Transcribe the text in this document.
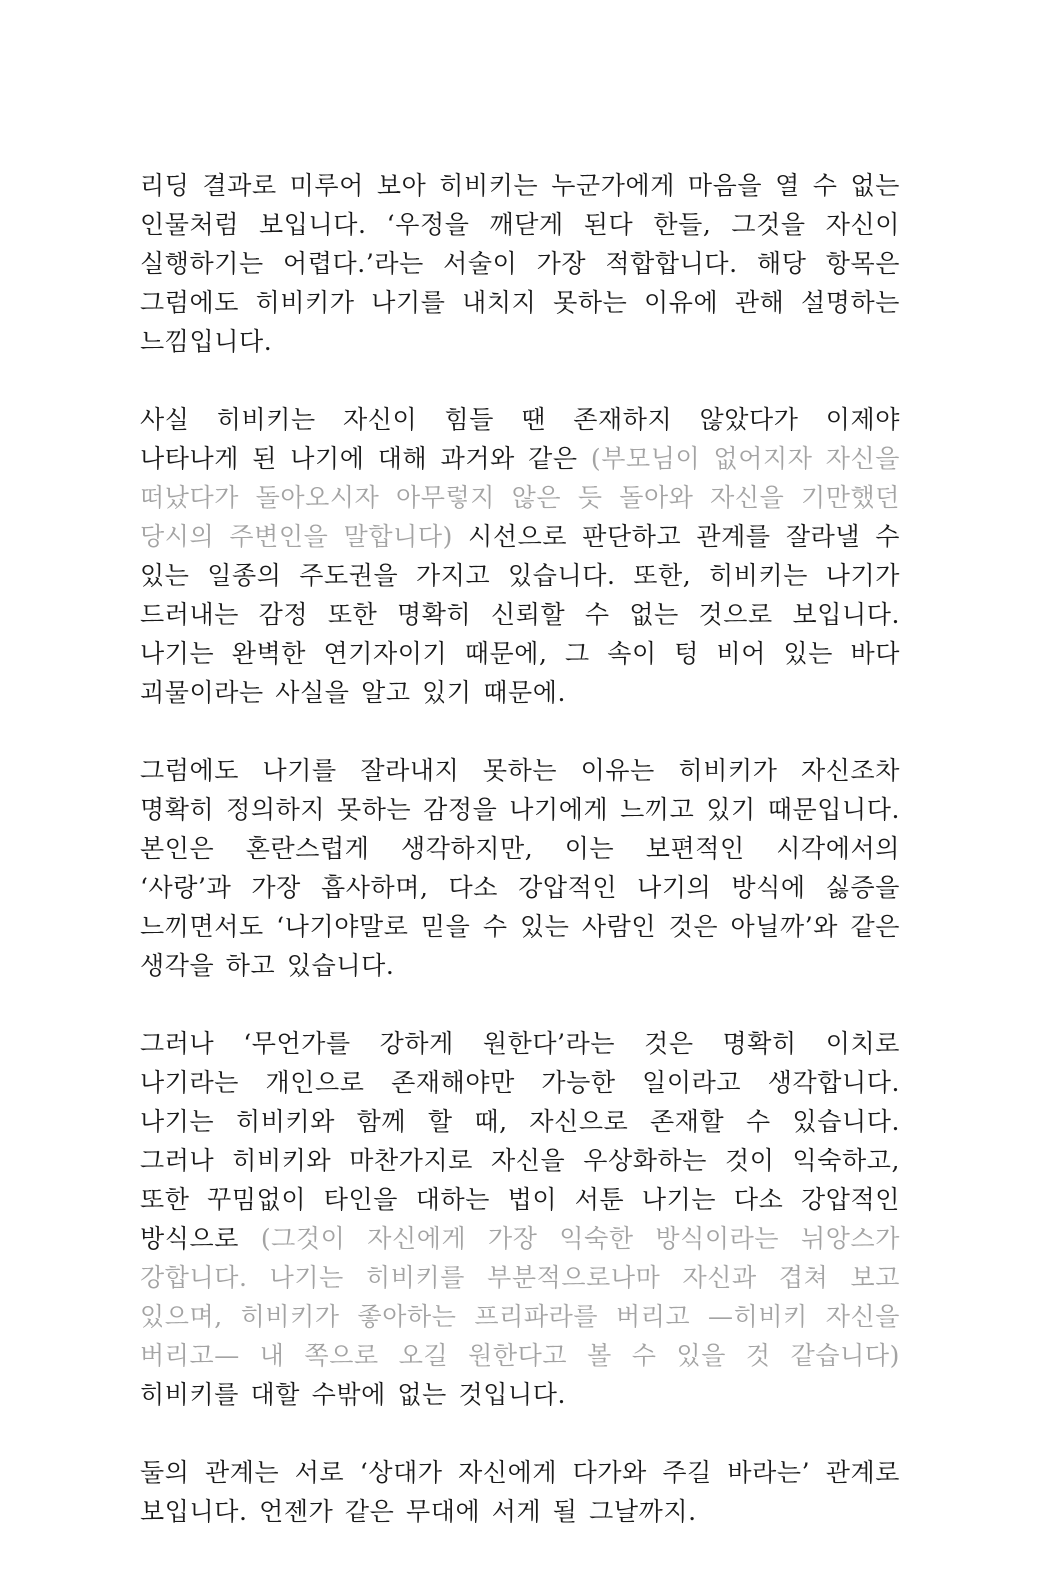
리딩 결과로 미루어 보아 히비키는 누군가에게 마음을 열 수 없는 인물처럼 보입니다. ‘우정을 깨닫게 된다 한들, 그것을 자신이 실행하기는 어렵다.’라는 서술이 가장 적합합니다. 해당 항목은 그럼에도 히비키가 나기를 내치지 못하는 이유에 관해 설명하는 느낌입니다.

사실 히비키는 자신이 힘들 땐 존재하지 않았다가 이제야 나타나게 된 나기에 대해 과거와 같은 (부모님이 없어지자 자신을 떠났다가 돌아오시자 아무렇지 않은 듯 돌아와 자신을 기만했던 당시의 주변인을 말합니다) 시선으로 판단하고 관계를 잘라낼 수 있는 일종의 주도권을 가지고 있습니다. 또한, 히비키는 나기가 드러내는 감정 또한 명확히 신뢰할 수 없는 것으로 보입니다. 나기는 완벽한 연기자이기 때문에, 그 속이 텅 비어 있는 바다 괴물이라는 사실을 알고 있기 때문에.

그럼에도 나기를 잘라내지 못하는 이유는 히비키가 자신조차 명확히 정의하지 못하는 감정을 나기에게 느끼고 있기 때문입니다. 본인은 혼란스럽게 생각하지만, 이는 보편적인 시각에서의 ‘사랑’과 가장 흡사하며, 다소 강압적인 나기의 방식에 싫증을 느끼면서도 ‘나기야말로 믿을 수 있는 사람인 것은 아닐까’와 같은 생각을 하고 있습니다.

그러나 ‘무언가를 강하게 원한다’라는 것은 명확히 이치로 나기라는 개인으로 존재해야만 가능한 일이라고 생각합니다. 나기는 히비키와 함께 할 때, 자신으로 존재할 수 있습니다. 그러나 히비키와 마찬가지로 자신을 우상화하는 것이 익숙하고, 또한 꾸밈없이 타인을 대하는 법이 서툰 나기는 다소 강압적인 방식으로 (그것이 자신에게 가장 익숙한 방식이라는 뉘앙스가 강합니다. 나기는 히비키를 부분적으로나마 자신과 겹쳐 보고 있으며, 히비키가 좋아하는 프리파라를 버리고 —히비키 자신을 버리고— 내 쪽으로 오길 원한다고 볼 수 있을 것 같습니다) 히비키를 대할 수밖에 없는 것입니다.

둘의 관계는 서로 ‘상대가 자신에게 다가와 주길 바라는’ 관계로 보입니다. 언젠가 같은 무대에 서게 될 그날까지.
